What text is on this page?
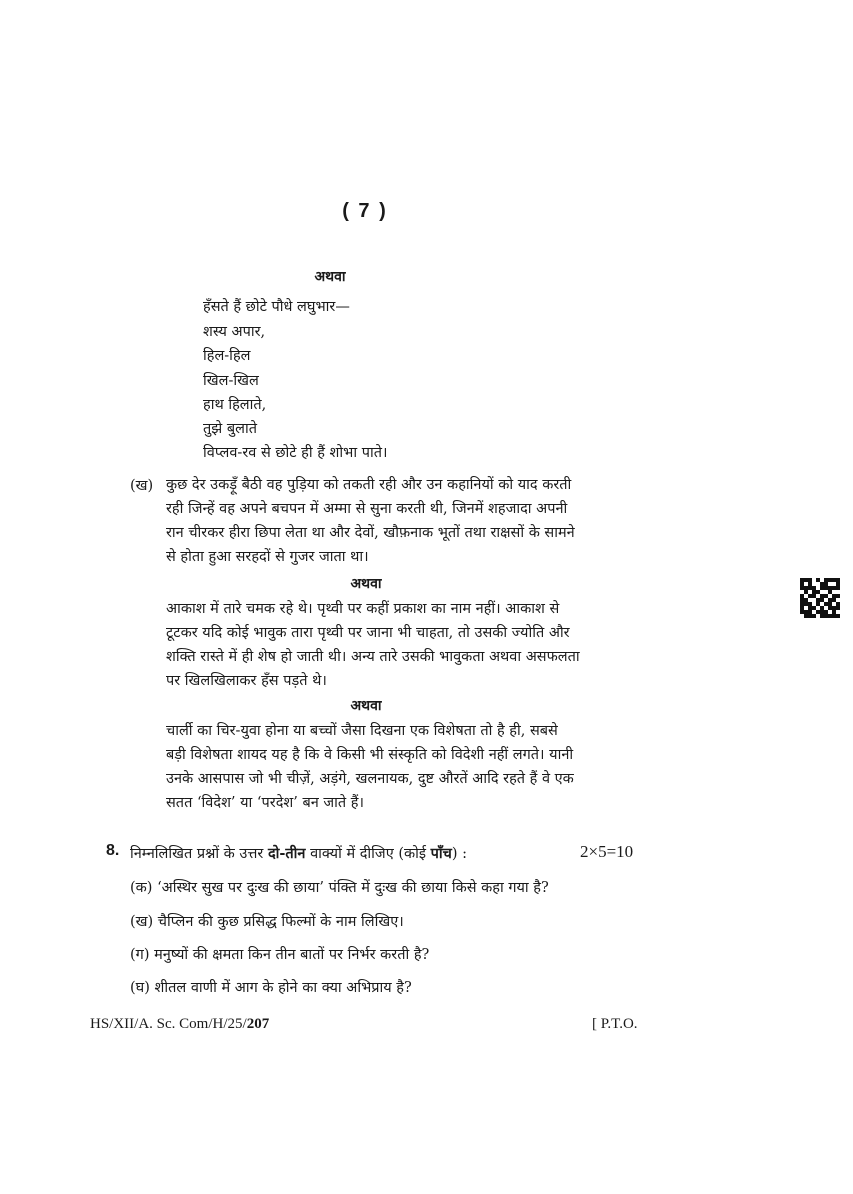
( 7 )
अथवा
हँसते हैं छोटे पौधे लघुभार—
शस्य अपार,
हिल-हिल
खिल-खिल
हाथ हिलाते,
तुझे बुलाते
विप्लव-रव से छोटे ही हैं शोभा पाते।
(ख) कुछ देर उकड़ूँ बैठी वह पुड़िया को तकती रही और उन कहानियों को याद करती
रही जिन्हें वह अपने बचपन में अम्मा से सुना करती थी, जिनमें शहजादा अपनी
रान चीरकर हीरा छिपा लेता था और देवों, खौफ़नाक भूतों तथा राक्षसों के सामने
से होता हुआ सरहदों से गुजर जाता था।
अथवा
आकाश में तारे चमक रहे थे। पृथ्वी पर कहीं प्रकाश का नाम नहीं। आकाश से
टूटकर यदि कोई भावुक तारा पृथ्वी पर जाना भी चाहता, तो उसकी ज्योति और
शक्ति रास्ते में ही शेष हो जाती थी। अन्य तारे उसकी भावुकता अथवा असफलता
पर खिलखिलाकर हँस पड़ते थे।
अथवा
चार्ली का चिर-युवा होना या बच्चों जैसा दिखना एक विशेषता तो है ही, सबसे
बड़ी विशेषता शायद यह है कि वे किसी भी संस्कृति को विदेशी नहीं लगते। यानी
उनके आसपास जो भी चीज़ें, अड़ंगे, खलनायक, दुष्ट औरतें आदि रहते हैं वे एक
सतत ‘विदेश’ या ‘परदेश’ बन जाते हैं।
8. निम्नलिखित प्रश्नों के उत्तर दो-तीन वाक्यों में दीजिए (कोई पाँच) :	2×5=10
(क) ‘अस्थिर सुख पर दुःख की छाया’ पंक्ति में दुःख की छाया किसे कहा गया है?
(ख) चैप्लिन की कुछ प्रसिद्ध फिल्मों के नाम लिखिए।
(ग) मनुष्यों की क्षमता किन तीन बातों पर निर्भर करती है?
(घ) शीतल वाणी में आग के होने का क्या अभिप्राय है?
HS/XII/A. Sc. Com/H/25/207	[ P.T.O.
